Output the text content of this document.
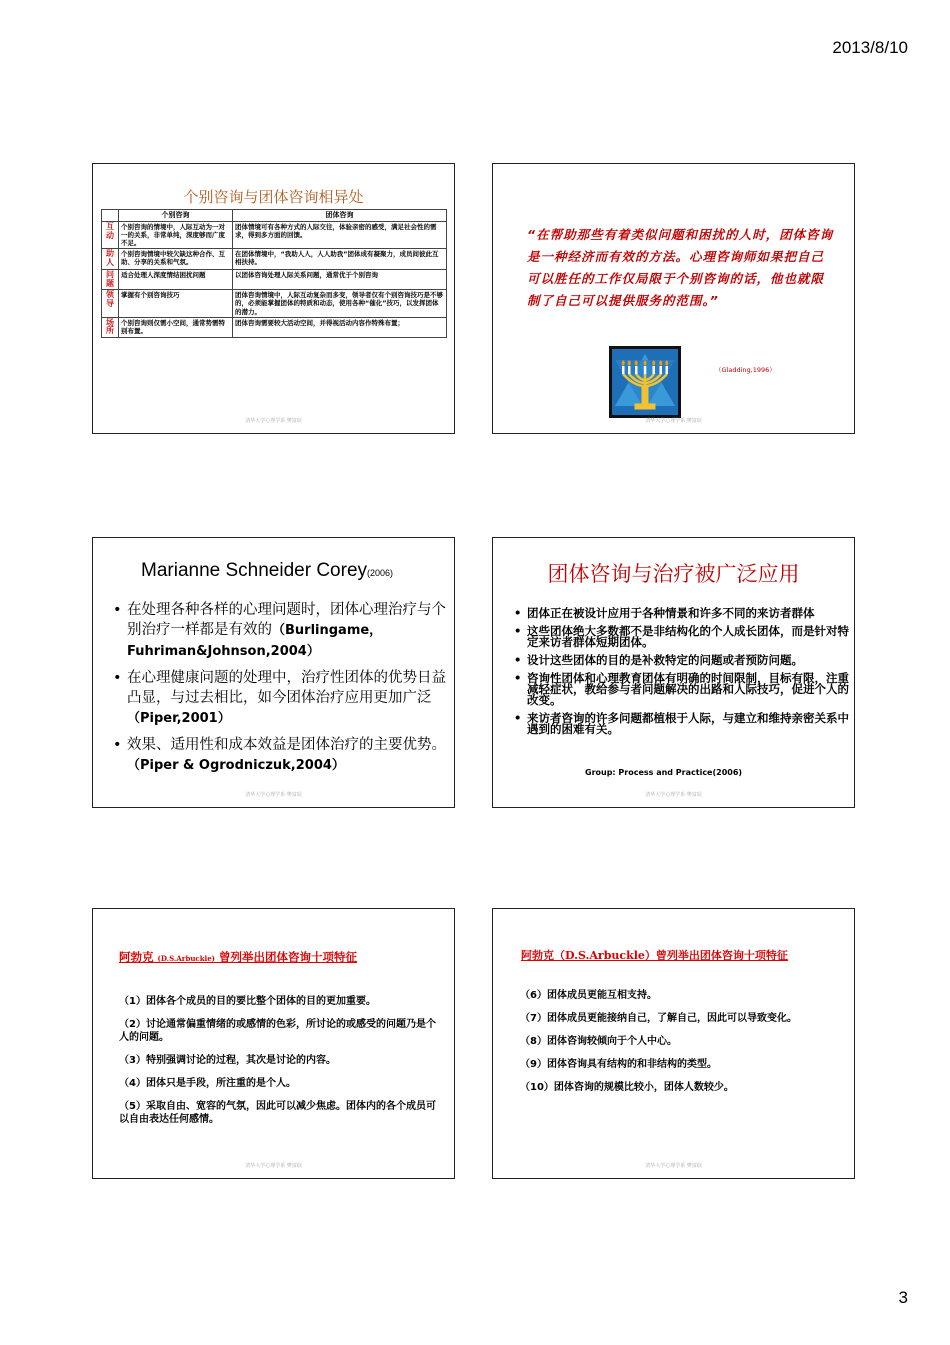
2013/8/10
个别咨询与团体咨询相异处
	个别咨询	团体咨询
互动	个别咨询的情境中，人际互动为一对一的关系，非常单纯，深度够而广度不足。	团体情境可有各种方式的人际交往，体验亲密的感受，满足社会性的需求，得到多方面的回馈。
助人	个别咨询情境中较欠缺这种合作、互助、分享的关系和气氛。	在团体情境中，“我助人人，人人助我”团体成有凝聚力，成员间彼此互相扶持。
问题	适合处理人深度情结困扰问题	以团体咨询处理人际关系问题，通常优于个别咨询
领导	掌握有个别咨询技巧	团体咨询情境中，人际互动复杂而多变，领导者仅有个别咨询技巧是不够的，必须能掌握团体的特质和动态，使用各种“催化”技巧，以发挥团体的潜力。
场所	个别咨询则仅需小空间，通常势需特别布置。	团体咨询需要较大活动空间，并得视活动内容作特殊布置；
清华大学心理学系 樊富珉
“在帮助那些有着类似问题和困扰的人时，团体咨询是一种经济而有效的方法。心理咨询师如果把自己可以胜任的工作仅局限于个别咨询的话，他也就限制了自己可以提供服务的范围。”
（Gladding,1996）
清华大学心理学系 樊富珉
Marianne Schneider Corey(2006)
• 在处理各种各样的心理问题时，团体心理治疗与个别治疗一样都是有效的（Burlingame，Fuhriman&Johnson,2004）
• 在心理健康问题的处理中，治疗性团体的优势日益凸显，与过去相比，如今团体治疗应用更加广泛（Piper,2001）
• 效果、适用性和成本效益是团体治疗的主要优势。（Piper & Ogrodniczuk,2004）
清华大学心理学系 樊富珉
团体咨询与治疗被广泛应用
• 团体正在被设计应用于各种情景和许多不同的来访者群体
• 这些团体绝大多数都不是非结构化的个人成长团体，而是针对特定来访者群体短期团体。
• 设计这些团体的目的是补救特定的问题或者预防问题。
• 咨询性团体和心理教育团体有明确的时间限制，目标有限，注重减轻症状，教给参与者问题解决的出路和人际技巧，促进个人的改变。
• 来访者咨询的许多问题都植根于人际，与建立和维持亲密关系中遇到的困难有关。
Group: Process and Practice(2006)
清华大学心理学系 樊富珉
阿勃克 (D.S.Arbuckle) 曾列举出团体咨询十项特征

（1）团体各个成员的目的要比整个团体的目的更加重要。

（2）讨论通常偏重情绪的或感情的色彩，所讨论的或感受的问题乃是个人的问题。

（3）特别强调讨论的过程，其次是讨论的内容。

（4）团体只是手段，所注重的是个人。

（5）采取自由、宽容的气氛，因此可以减少焦虑。团体内的各个成员可以自由表达任何感情。

清华大学心理学系 樊富珉
阿勃克（D.S.Arbuckle）曾列举出团体咨询十项特征

（6）团体成员更能互相支持。

（7）团体成员更能接纳自己，了解自己，因此可以导致变化。

（8）团体咨询较倾向于个人中心。

（9）团体咨询具有结构的和非结构的类型。

（10）团体咨询的规模比较小，团体人数较少。

清华大学心理学系 樊富珉
3
